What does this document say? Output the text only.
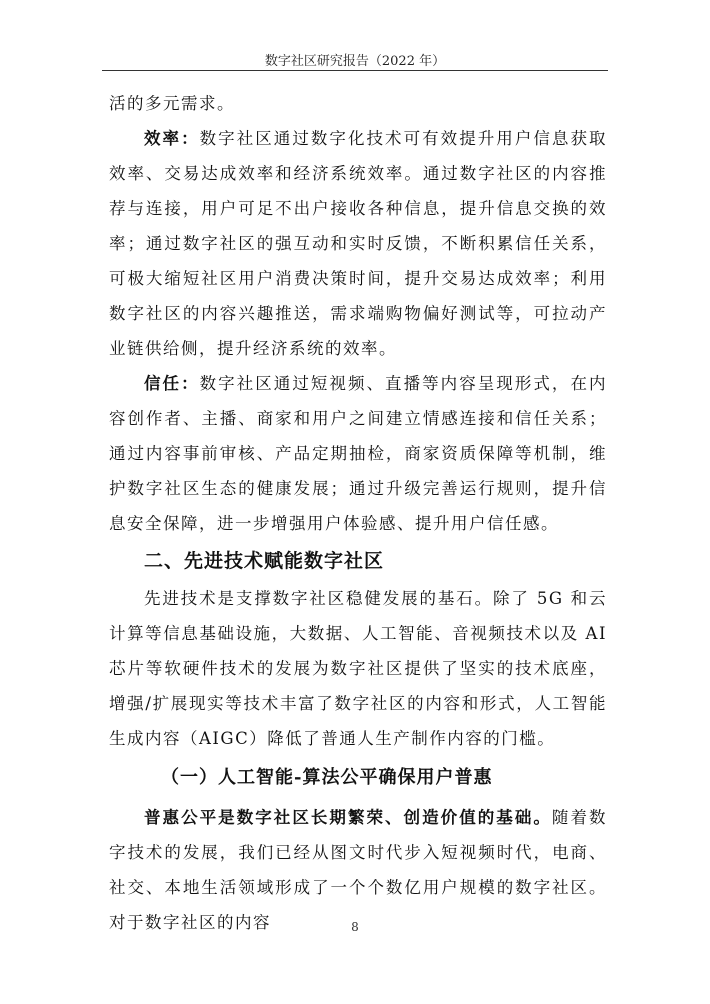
数字社区研究报告（2022 年）

活的多元需求。

效率：数字社区通过数字化技术可有效提升用户信息获取效率、交易达成效率和经济系统效率。通过数字社区的内容推荐与连接，用户可足不出户接收各种信息，提升信息交换的效率；通过数字社区的强互动和实时反馈，不断积累信任关系，可极大缩短社区用户消费决策时间，提升交易达成效率；利用数字社区的内容兴趣推送，需求端购物偏好测试等，可拉动产业链供给侧，提升经济系统的效率。

信任：数字社区通过短视频、直播等内容呈现形式，在内容创作者、主播、商家和用户之间建立情感连接和信任关系；通过内容事前审核、产品定期抽检，商家资质保障等机制，维护数字社区生态的健康发展；通过升级完善运行规则，提升信息安全保障，进一步增强用户体验感、提升用户信任感。

二、先进技术赋能数字社区

先进技术是支撑数字社区稳健发展的基石。除了 5G 和云计算等信息基础设施，大数据、人工智能、音视频技术以及 AI 芯片等软硬件技术的发展为数字社区提供了坚实的技术底座，增强/扩展现实等技术丰富了数字社区的内容和形式，人工智能生成内容（AIGC）降低了普通人生产制作内容的门槛。

（一）人工智能-算法公平确保用户普惠

普惠公平是数字社区长期繁荣、创造价值的基础。随着数字技术的发展，我们已经从图文时代步入短视频时代，电商、社交、本地生活领域形成了一个个数亿用户规模的数字社区。对于数字社区的内容	8
